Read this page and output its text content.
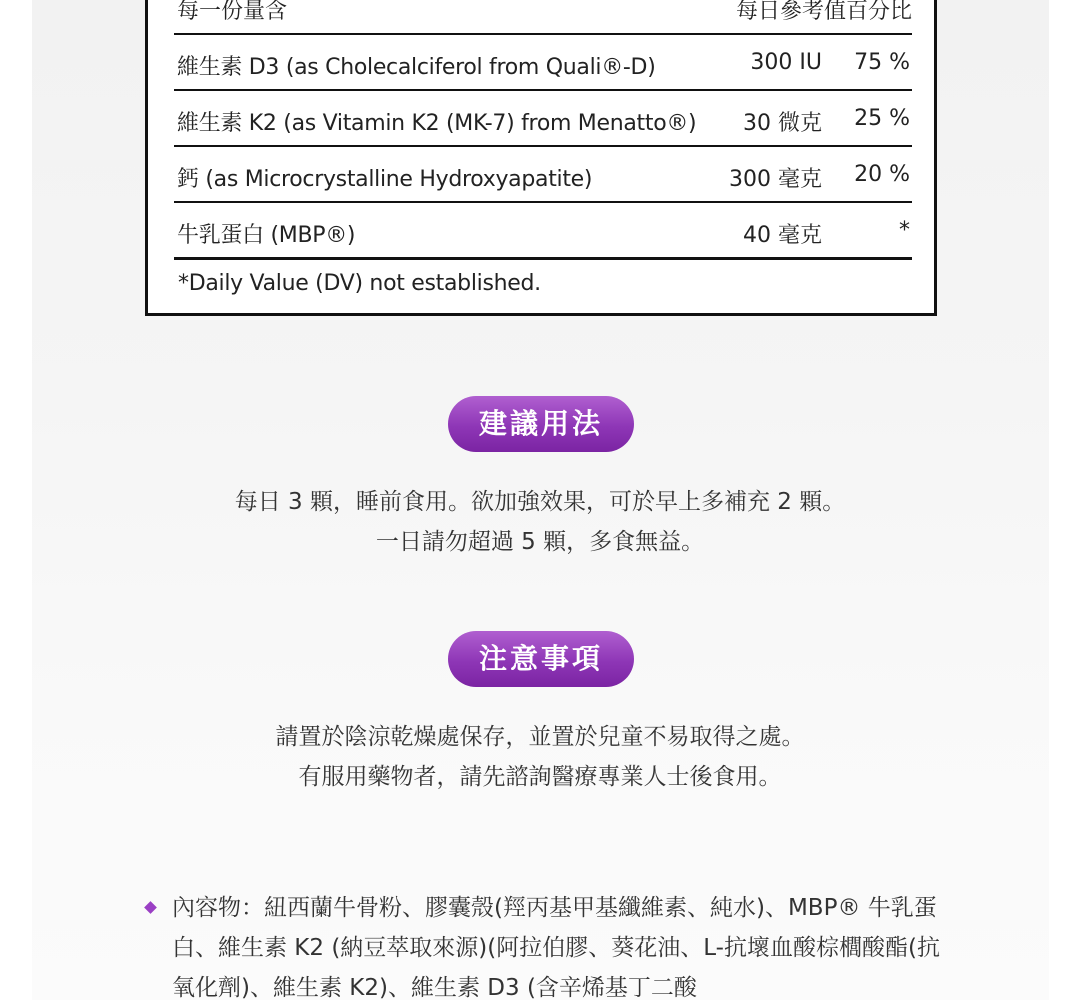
每一份量含	每日參考值百分比
維生素 D3 (as Cholecalciferol from Quali®-D)	300 IU 75 %
維生素 K2 (as Vitamin K2 (MK-7) from Menatto®) 30 微克 25 %
鈣 (as Microcrystalline Hydroxyapatite)	300 毫克 20 %
牛乳蛋白 (MBP®)	40 毫克	*
*Daily Value (DV) not established.
建議用法
每日 3 顆，睡前食用。欲加強效果，可於早上多補充 2 顆。
一日請勿超過 5 顆，多食無益。
注意事項
請置於陰涼乾燥處保存，並置於兒童不易取得之處。
有服用藥物者，請先諮詢醫療專業人士後食用。
內容物：紐西蘭牛骨粉、膠囊殼(羥丙基甲基纖維素、純水)、MBP® 牛乳蛋白、維生素 K2 (納豆萃取來源)(阿拉伯膠、葵花油、L-抗壞血酸棕櫚酸酯(抗氧化劑)、維生素 K2)、維生素 D3 (含辛烯基丁二酸
